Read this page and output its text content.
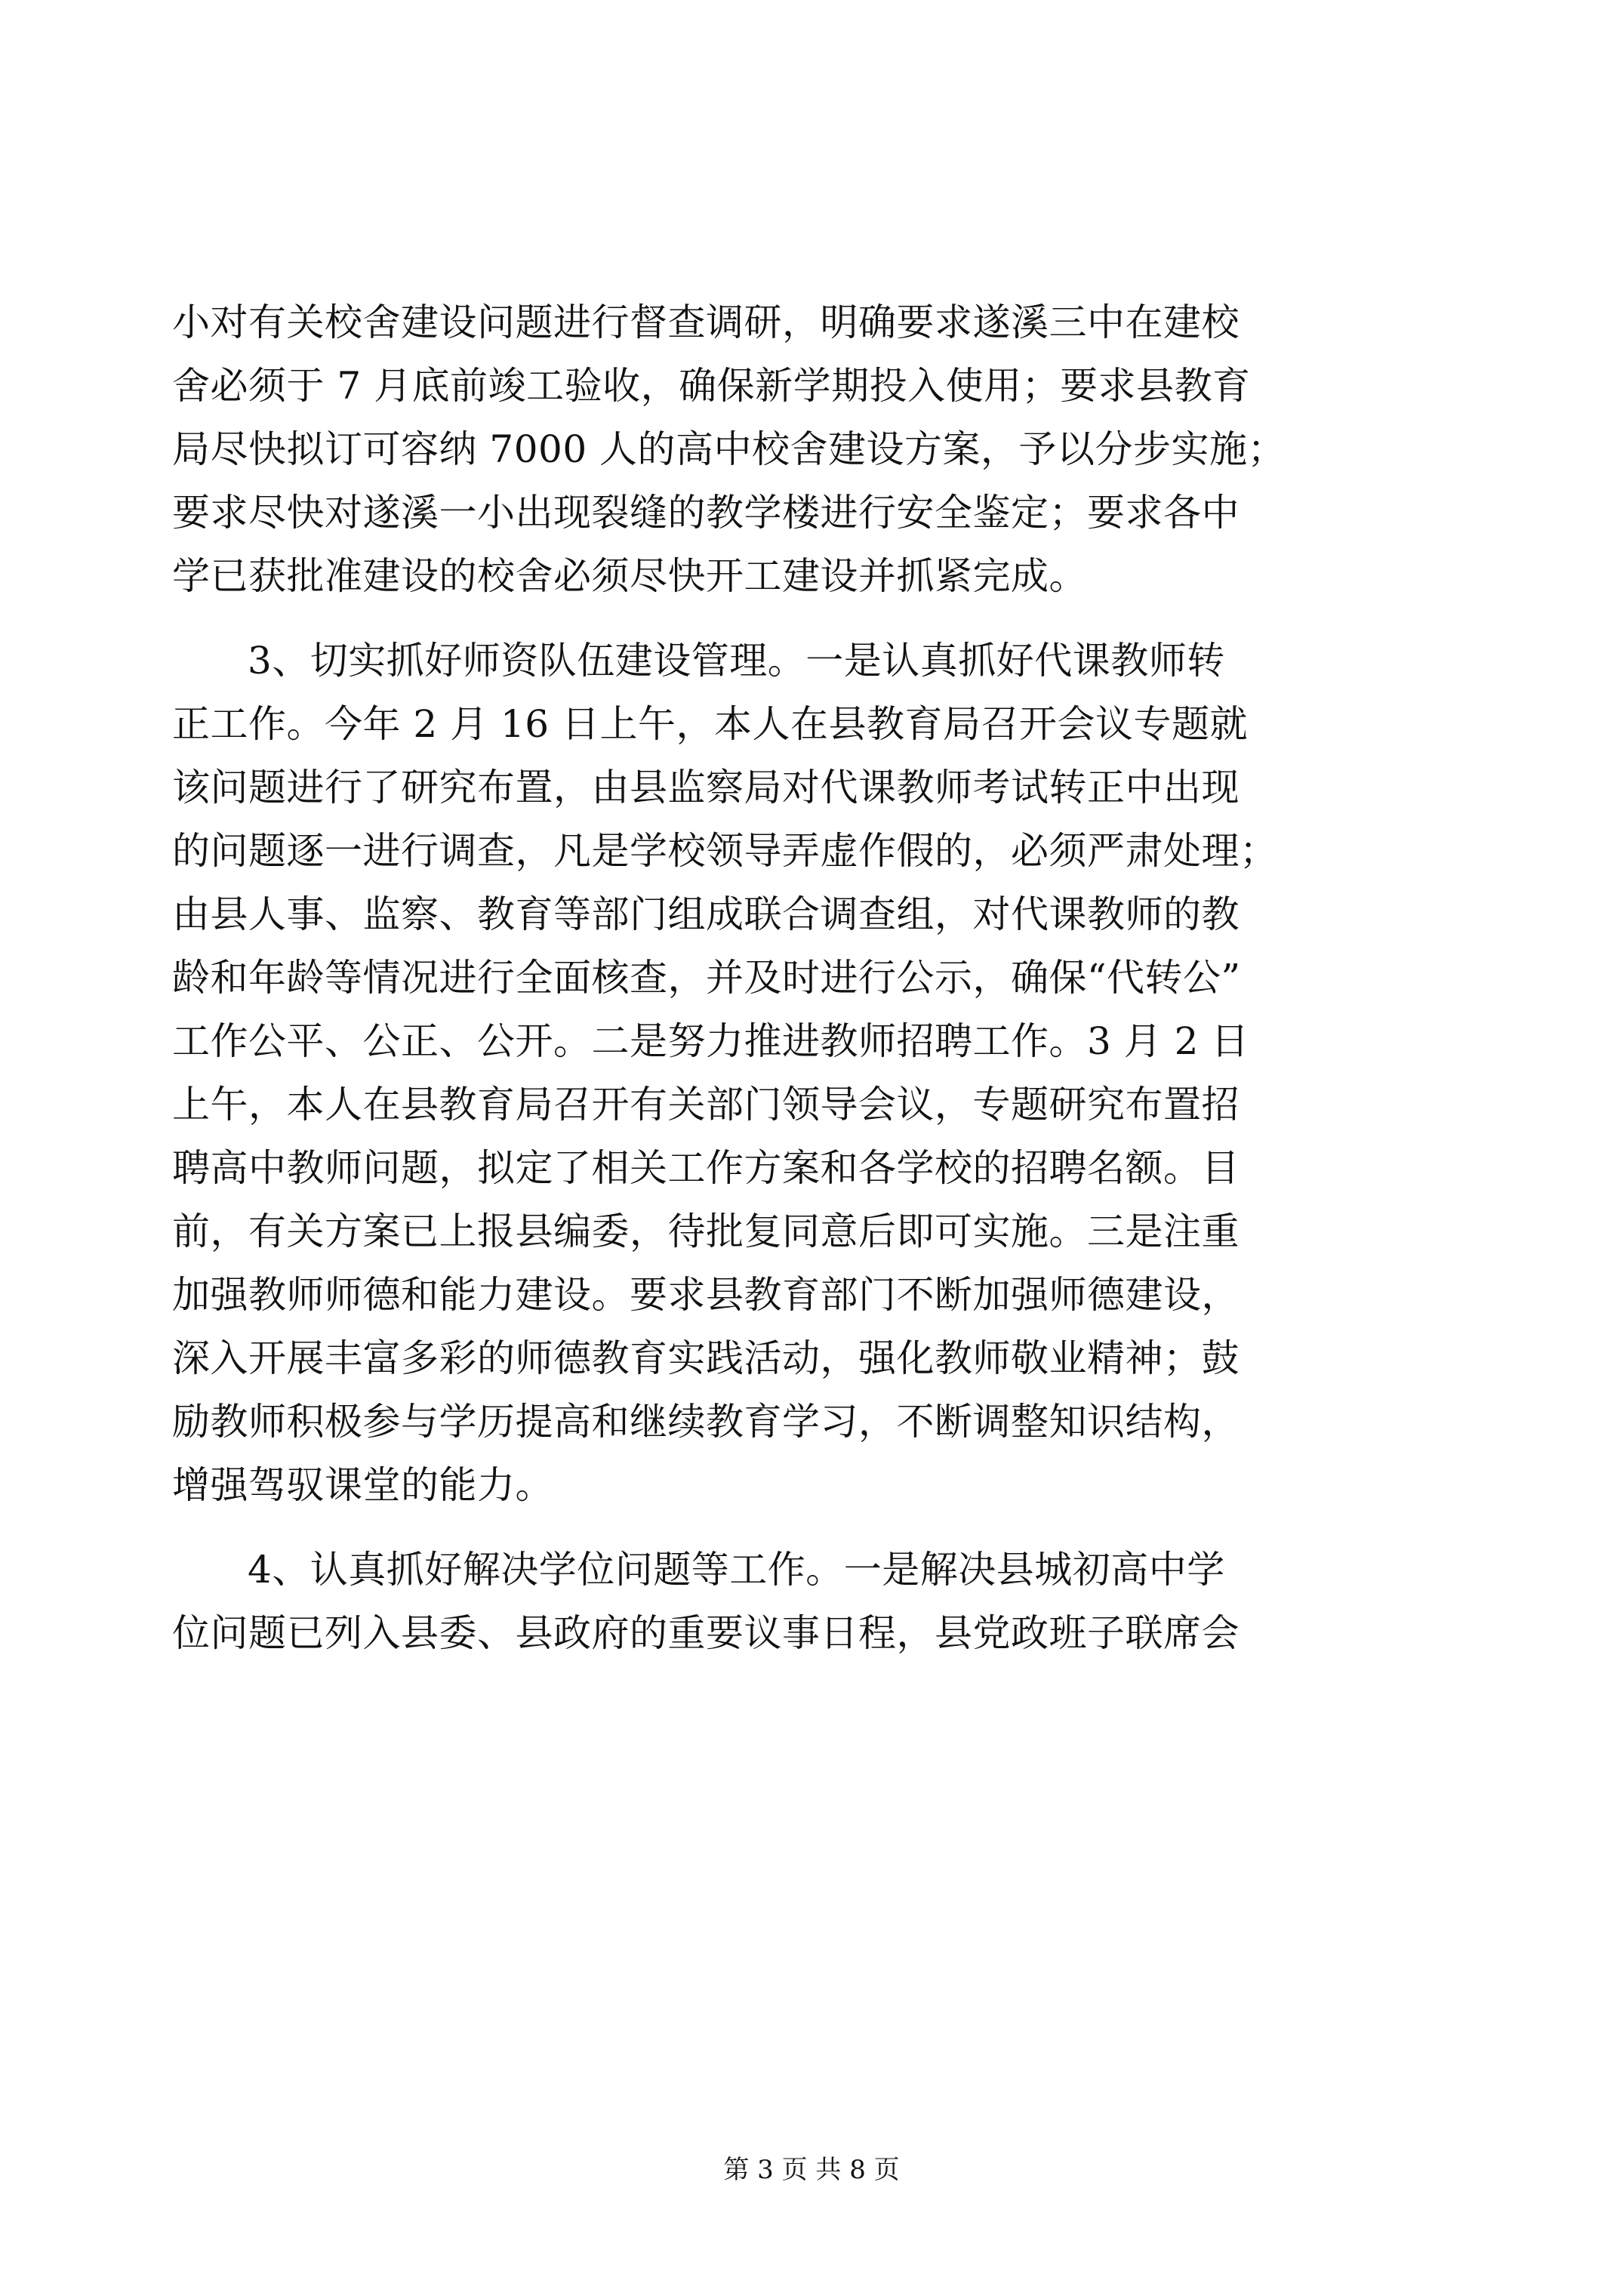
小对有关校舍建设问题进行督查调研，明确要求遂溪三中在建校
舍必须于 7 月底前竣工验收，确保新学期投入使用；要求县教育
局尽快拟订可容纳 7000 人的高中校舍建设方案，予以分步实施；
要求尽快对遂溪一小出现裂缝的教学楼进行安全鉴定；要求各中
学已获批准建设的校舍必须尽快开工建设并抓紧完成。
3、切实抓好师资队伍建设管理。一是认真抓好代课教师转
正工作。今年 2 月 16 日上午，本人在县教育局召开会议专题就
该问题进行了研究布置，由县监察局对代课教师考试转正中出现
的问题逐一进行调查，凡是学校领导弄虚作假的，必须严肃处理；
由县人事、监察、教育等部门组成联合调查组，对代课教师的教
龄和年龄等情况进行全面核查，并及时进行公示，确保“代转公”
工作公平、公正、公开。二是努力推进教师招聘工作。3 月 2 日
上午，本人在县教育局召开有关部门领导会议，专题研究布置招
聘高中教师问题，拟定了相关工作方案和各学校的招聘名额。目
前，有关方案已上报县编委，待批复同意后即可实施。三是注重
加强教师师德和能力建设。要求县教育部门不断加强师德建设，
深入开展丰富多彩的师德教育实践活动，强化教师敬业精神；鼓
励教师积极参与学历提高和继续教育学习，不断调整知识结构，
增强驾驭课堂的能力。
4、认真抓好解决学位问题等工作。一是解决县城初高中学
位问题已列入县委、县政府的重要议事日程，县党政班子联席会
第 3 页 共 8 页
